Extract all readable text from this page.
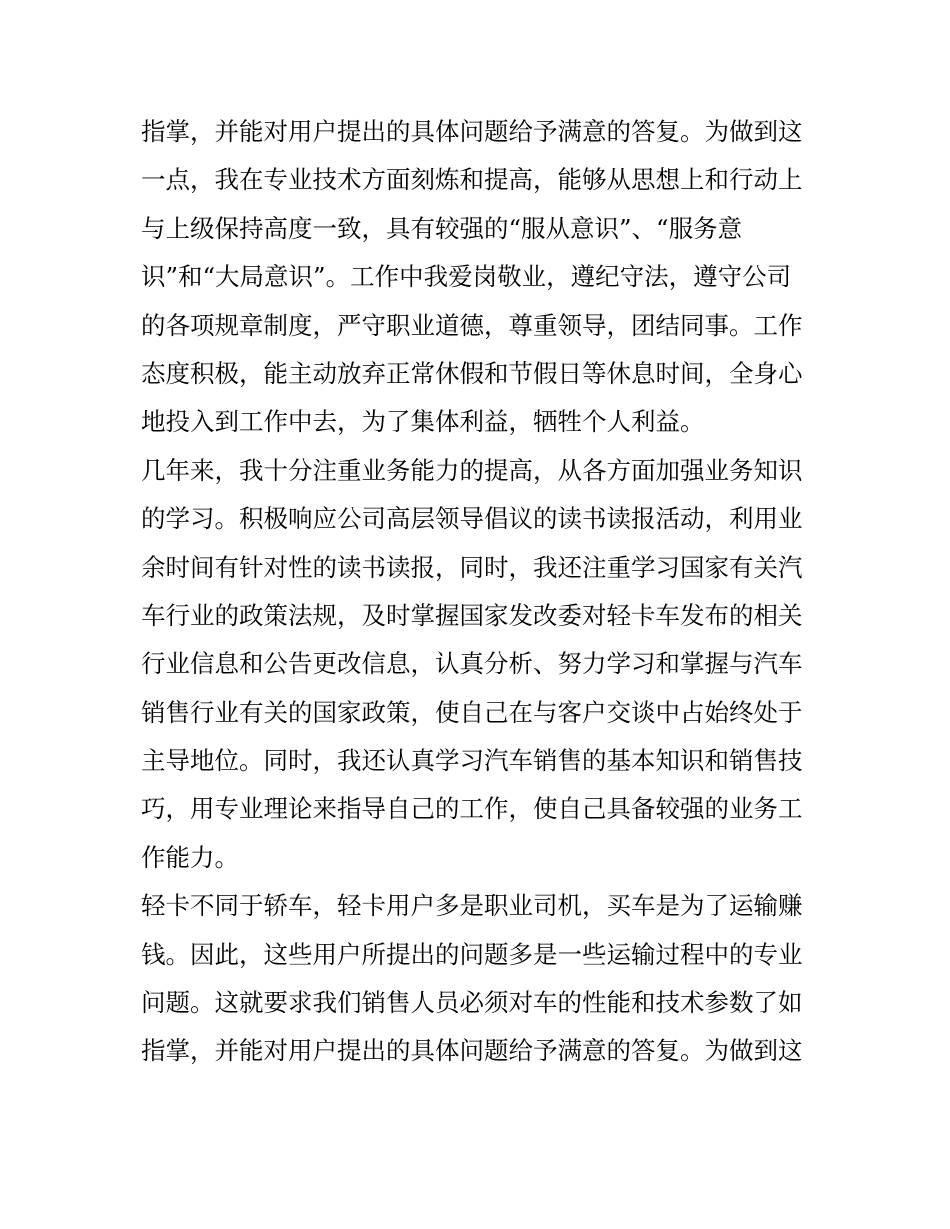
指掌，并能对用户提出的具体问题给予满意的答复。为做到这
一点，我在专业技术方面刻炼和提高，能够从思想上和行动上
与上级保持高度一致，具有较强的“服从意识”、“服务意
识”和“大局意识”。工作中我爱岗敬业，遵纪守法，遵守公司
的各项规章制度，严守职业道德，尊重领导，团结同事。工作
态度积极，能主动放弃正常休假和节假日等休息时间，全身心
地投入到工作中去，为了集体利益，牺牲个人利益。
几年来，我十分注重业务能力的提高，从各方面加强业务知识
的学习。积极响应公司高层领导倡议的读书读报活动，利用业
余时间有针对性的读书读报，同时，我还注重学习国家有关汽
车行业的政策法规，及时掌握国家发改委对轻卡车发布的相关
行业信息和公告更改信息，认真分析、努力学习和掌握与汽车
销售行业有关的国家政策，使自己在与客户交谈中占始终处于
主导地位。同时，我还认真学习汽车销售的基本知识和销售技
巧，用专业理论来指导自己的工作，使自己具备较强的业务工
作能力。
轻卡不同于轿车，轻卡用户多是职业司机，买车是为了运输赚
钱。因此，这些用户所提出的问题多是一些运输过程中的专业
问题。这就要求我们销售人员必须对车的性能和技术参数了如
指掌，并能对用户提出的具体问题给予满意的答复。为做到这
